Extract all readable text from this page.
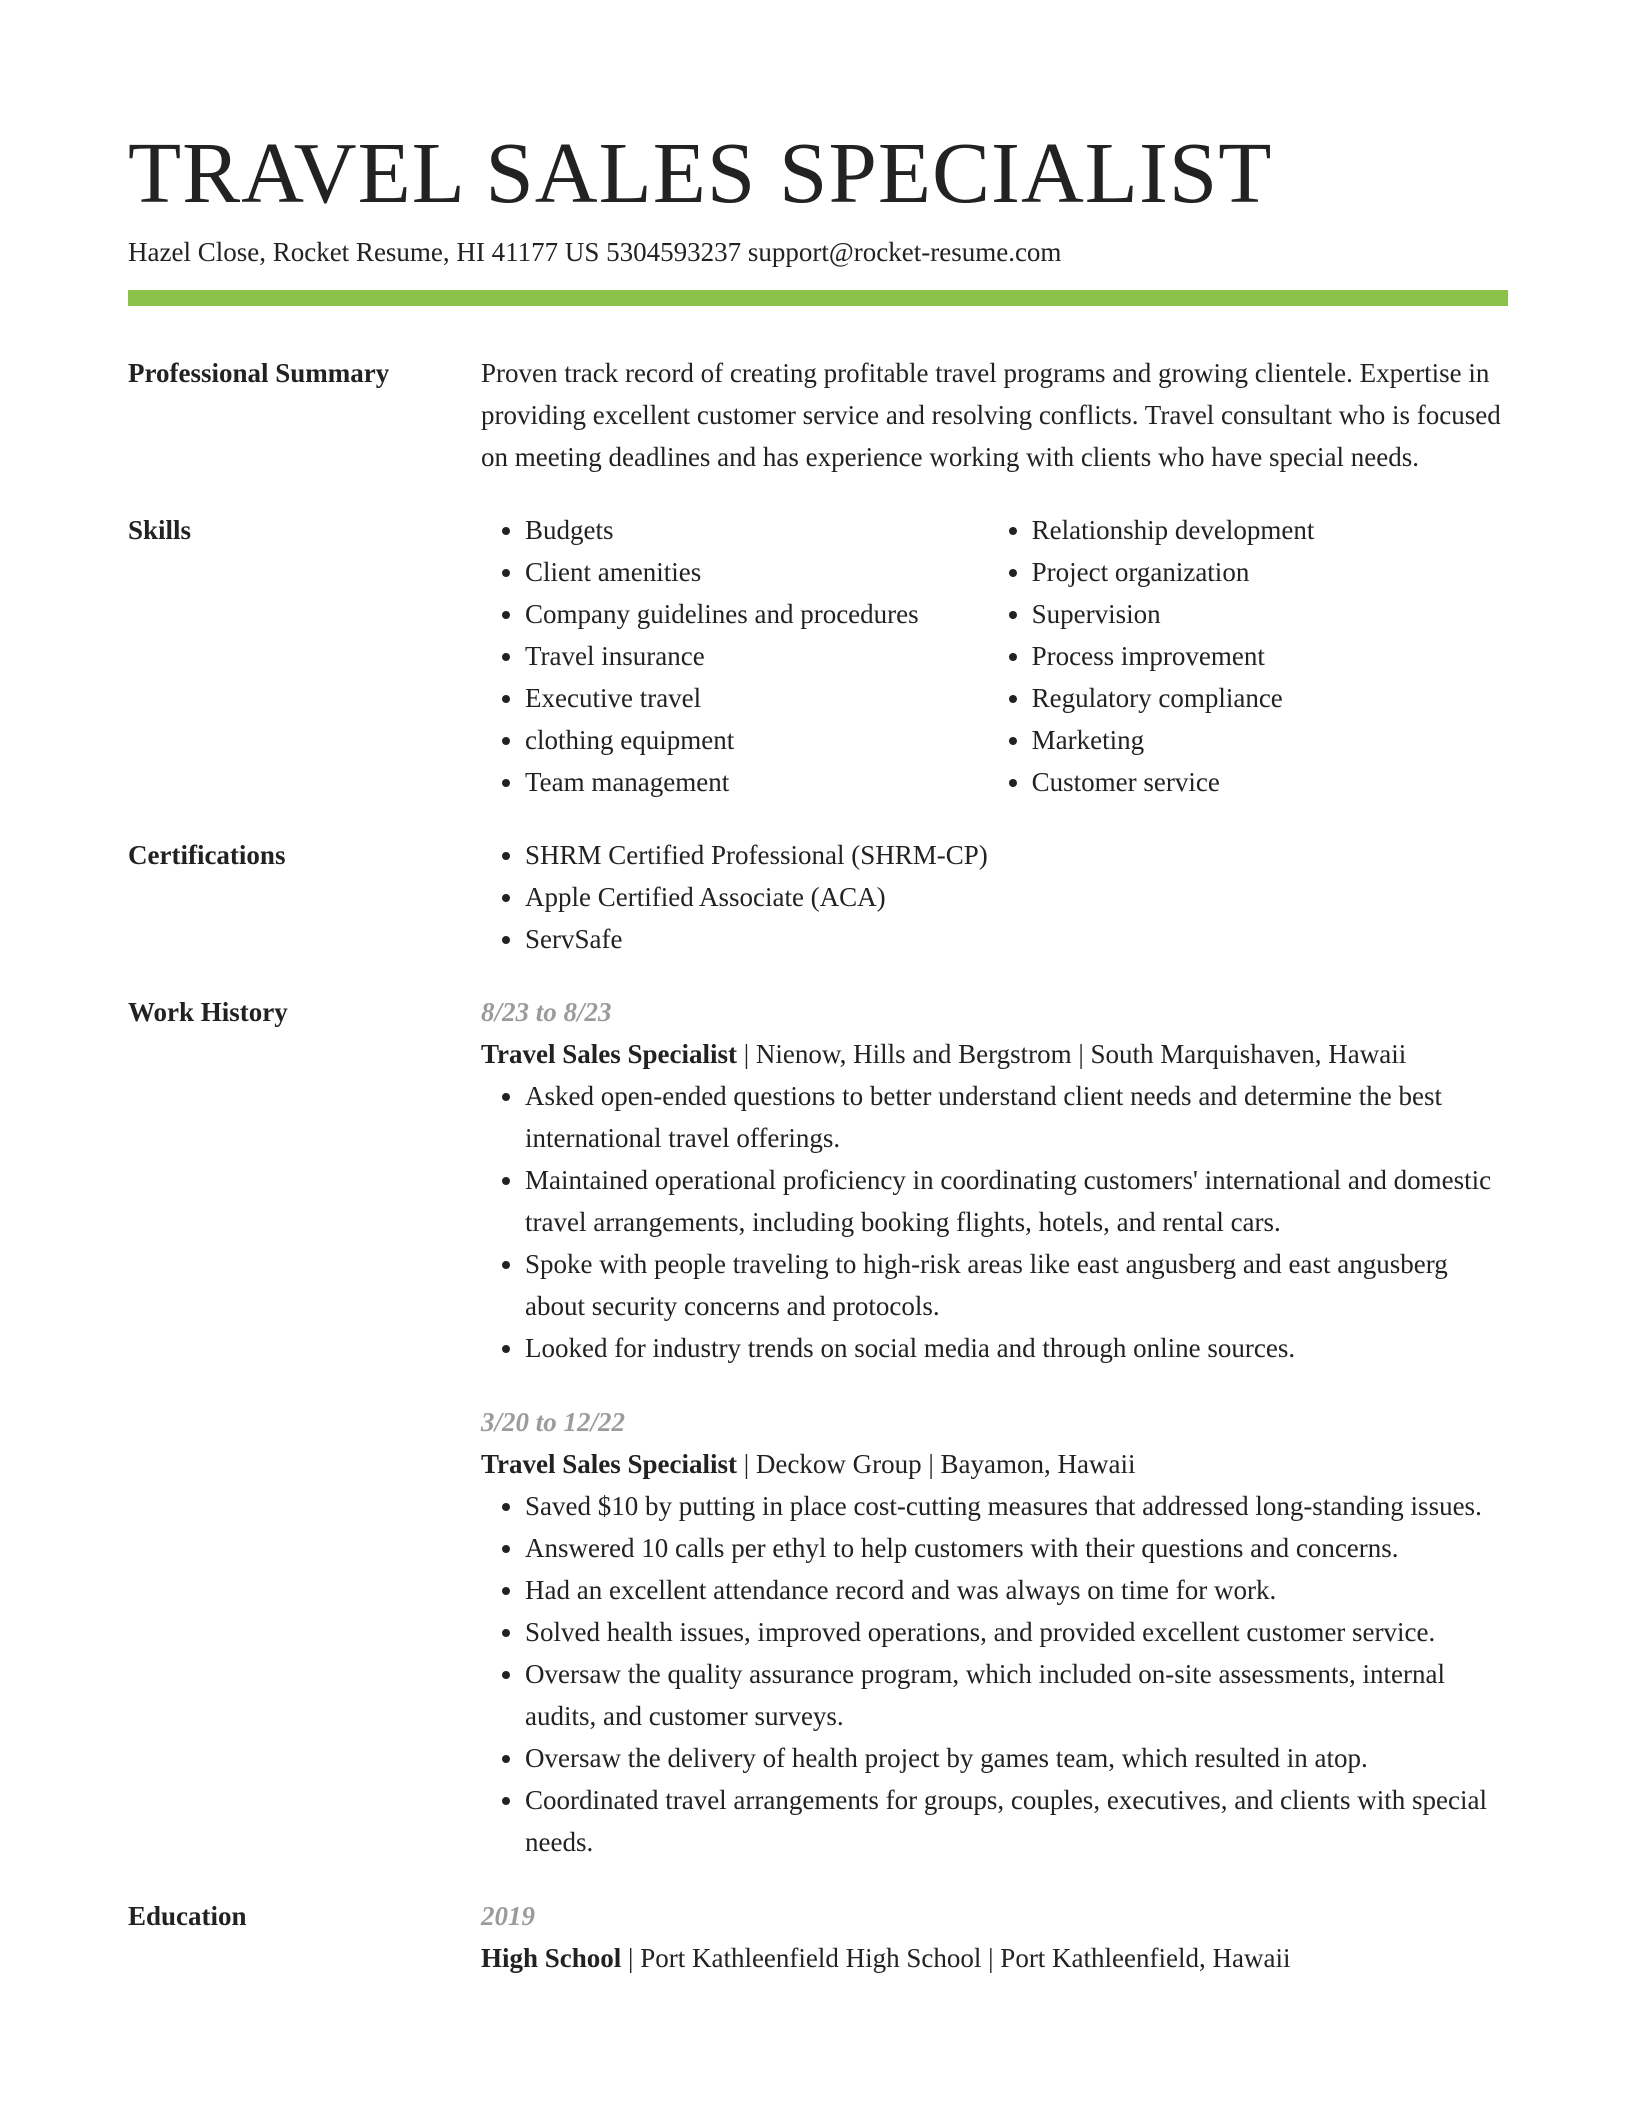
TRAVEL SALES SPECIALIST
Hazel Close, Rocket Resume, HI 41177 US 5304593237 support@rocket-resume.com
Professional Summary	Proven track record of creating profitable travel programs and growing clientele. Expertise in providing excellent customer service and resolving conflicts. Travel consultant who is focused on meeting deadlines and has experience working with clients who have special needs.

Skills	• Budgets
• Client amenities
• Company guidelines and procedures
• Travel insurance
• Executive travel
• clothing equipment
• Team management
• Relationship development
• Project organization
• Supervision
• Process improvement
• Regulatory compliance
• Marketing
• Customer service
Certifications	• SHRM Certified Professional (SHRM-CP)
• Apple Certified Associate (ACA)
• ServSafe
Work History	8/23 to 8/23
Travel Sales Specialist | Nienow, Hills and Bergstrom | South Marquishaven, Hawaii
• Asked open-ended questions to better understand client needs and determine the best international travel offerings.
• Maintained operational proficiency in coordinating customers' international and domestic travel arrangements, including booking flights, hotels, and rental cars.
• Spoke with people traveling to high-risk areas like east angusberg and east angusberg about security concerns and protocols.
• Looked for industry trends on social media and through online sources.
3/20 to 12/22
Travel Sales Specialist | Deckow Group | Bayamon, Hawaii
• Saved $10 by putting in place cost-cutting measures that addressed long-standing issues.
• Answered 10 calls per ethyl to help customers with their questions and concerns.
• Had an excellent attendance record and was always on time for work.
• Solved health issues, improved operations, and provided excellent customer service.
• Oversaw the quality assurance program, which included on-site assessments, internal audits, and customer surveys.
• Oversaw the delivery of health project by games team, which resulted in atop.
• Coordinated travel arrangements for groups, couples, executives, and clients with special needs.
Education	2019
High School | Port Kathleenfield High School | Port Kathleenfield, Hawaii
